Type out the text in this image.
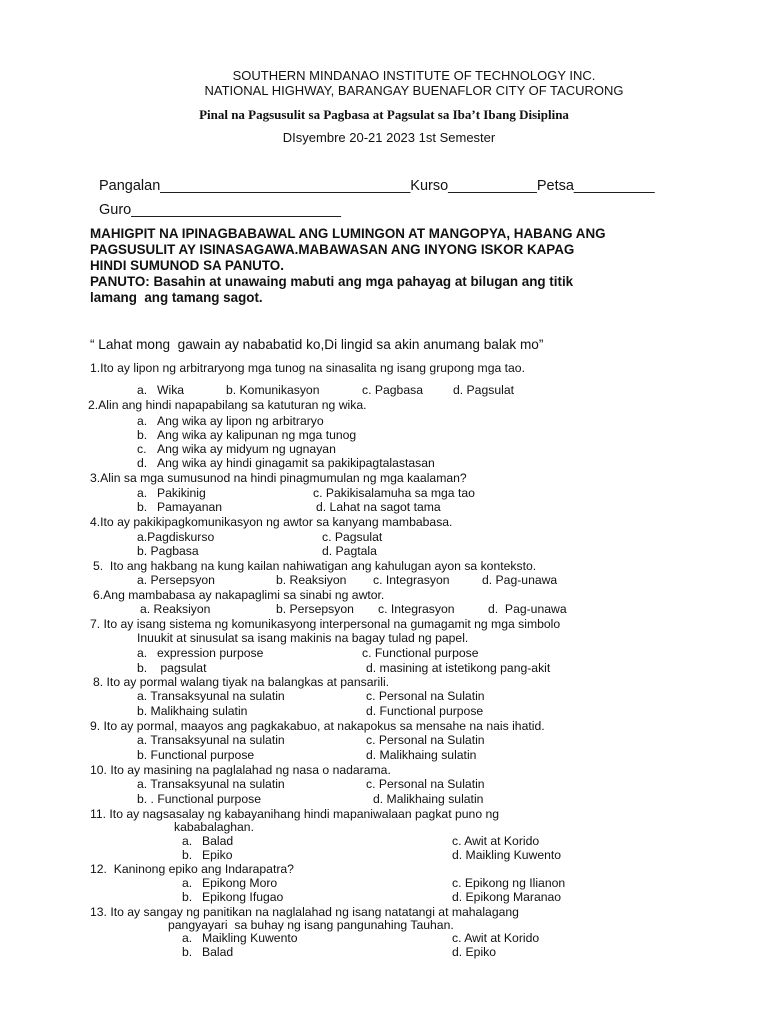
SOUTHERN MINDANAO INSTITUTE OF TECHNOLOGY INC.
NATIONAL HIGHWAY, BARANGAY BUENAFLOR CITY OF TACURONG
Pinal na Pagsusulit sa Pagbasa at Pagsulat sa Iba’t Ibang Disiplina
DIsyembre 20-21 2023 1st Semester
Pangalan_______________________________Kurso___________Petsa__________
Guro__________________________
MAHIGPIT NA IPINAGBABAWAL ANG LUMINGON AT MANGOPYA, HABANG ANG
PAGSUSULIT AY ISINASAGAWA.MABAWASAN ANG INYONG ISKOR KAPAG
HINDI SUMUNOD SA PANUTO.
PANUTO: Basahin at unawaing mabuti ang mga pahayag at bilugan ang titik
lamang  ang tamang sagot.
“ Lahat mong  gawain ay nababatid ko,Di lingid sa akin anumang balak mo”
1.Ito ay lipon ng arbitraryong mga tunog na sinasalita ng isang grupong mga tao.
a. Wika	b. Komunikasyon	c. Pagbasa d. Pagsulat
2.Alin ang hindi napapabilang sa katuturan ng wika.
a. Ang wika ay lipon ng arbitraryo
b. Ang wika ay kalipunan ng mga tunog
c. Ang wika ay midyum ng ugnayan
d. Ang wika ay hindi ginagamit sa pakikipagtalastasan
3.Alin sa mga sumusunod na hindi pinagmumulan ng mga kaalaman?
a. Pakikinig	c. Pakikisalamuha sa mga tao
b. Pamayanan	d. Lahat na sagot tama
4.Ito ay pakikipagkomunikasyon ng awtor sa kanyang mambabasa.
a.Pagdiskurso	c. Pagsulat
b. Pagbasa	d. Pagtala
5.  Ito ang hakbang na kung kailan nahiwatigan ang kahulugan ayon sa konteksto.
a. Persepsyon	b. Reaksiyon c. Integrasyon	d. Pag-unawa
6.Ang mambabasa ay nakapaglimi sa sinabi ng awtor.
a. Reaksiyon	b. Persepsyon c. Integrasyon	d.  Pag-unawa
7. Ito ay isang sistema ng komunikasyong interpersonal na gumagamit ng mga simbolo
Inuukit at sinusulat sa isang makinis na bagay tulad ng papel.
a. expression purpose	c. Functional purpose
b. pagsulat	d. masining at istetikong pang-akit
8. Ito ay pormal walang tiyak na balangkas at pansarili.
a. Transaksyunal na sulatin	c. Personal na Sulatin
b. Malikhaing sulatin	d. Functional purpose
9. Ito ay pormal, maayos ang pagkakabuo, at nakapokus sa mensahe na nais ihatid.
a. Transaksyunal na sulatin	c. Personal na Sulatin
b. Functional purpose	d. Malikhaing sulatin
10. Ito ay masining na paglalahad ng nasa o nadarama.
a. Transaksyunal na sulatin	c. Personal na Sulatin
b. . Functional purpose	d. Malikhaing sulatin
11. Ito ay nagsasalay ng kabayanihang hindi mapaniwalaan pagkat puno ng
kababalaghan.
a. Balad	c. Awit at Korido
b. Epiko	d. Maikling Kuwento
12.  Kaninong epiko ang Indarapatra?
a. Epikong Moro	c. Epikong ng Ilianon
b. Epikong Ifugao	d. Epikong Maranao
13. Ito ay sangay ng panitikan na naglalahad ng isang natatangi at mahalagang
pangyayari  sa buhay ng isang pangunahing Tauhan.
a. Maikling Kuwento	c. Awit at Korido
b. Balad	d. Epiko
